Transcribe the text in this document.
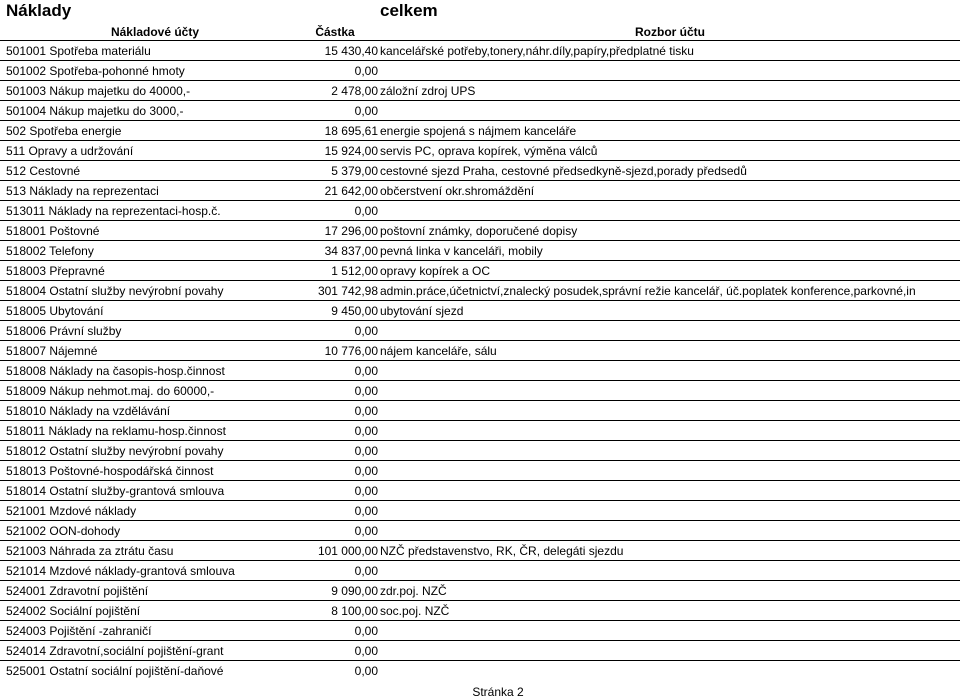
Náklady	celkem
Nákladové účty	Částka	Rozbor účtu
501001 Spotřeba materiálu	15 430,40 kancelářské potřeby,tonery,náhr.díly,papíry,předplatné tisku
501002 Spotřeba-pohonné hmoty	0,00
501003 Nákup majetku do 40000,-	2 478,00 záložní zdroj UPS
501004 Nákup majetku do 3000,-	0,00
502 Spotřeba energie	18 695,61 energie spojená s nájmem kanceláře
511 Opravy a udržování	15 924,00 servis PC, oprava kopírek, výměna válců
512 Cestovné	5 379,00 cestovné sjezd Praha, cestovné předsedkyně-sjezd,porady předsedů
513 Náklady na reprezentaci	21 642,00 občerstvení okr.shromáždění
513011 Náklady na reprezentaci-hosp.č.	0,00
518001 Poštovné	17 296,00 poštovní známky, doporučené dopisy
518002 Telefony	34 837,00 pevná linka v kanceláři, mobily
518003 Přepravné	1 512,00 opravy kopírek a OC
518004 Ostatní služby nevýrobní povahy	301 742,98 admin.práce,účetnictví,znalecký posudek,správní režie kancelář, úč.poplatek konference,parkovné,in
518005 Ubytování	9 450,00 ubytování sjezd
518006 Právní služby	0,00
518007 Nájemné	10 776,00 nájem kanceláře, sálu
518008 Náklady na časopis-hosp.činnost	0,00
518009 Nákup nehmot.maj. do 60000,-	0,00
518010 Náklady na vzdělávání	0,00
518011 Náklady na reklamu-hosp.činnost	0,00
518012 Ostatní služby nevýrobní povahy	0,00
518013 Poštovné-hospodářská činnost	0,00
518014 Ostatní služby-grantová smlouva	0,00
521001 Mzdové náklady	0,00
521002 OON-dohody	0,00
521003 Náhrada za ztrátu času	101 000,00 NZČ představenstvo, RK, ČR, delegáti sjezdu
521014 Mzdové náklady-grantová smlouva	0,00
524001 Zdravotní pojištění	9 090,00 zdr.poj. NZČ
524002 Sociální pojištění	8 100,00 soc.poj. NZČ
524003 Pojištění -zahraničí	0,00
524014 Zdravotní,sociální pojištění-grant	0,00
525001 Ostatní sociální pojištění-daňové	0,00
Stránka 2
